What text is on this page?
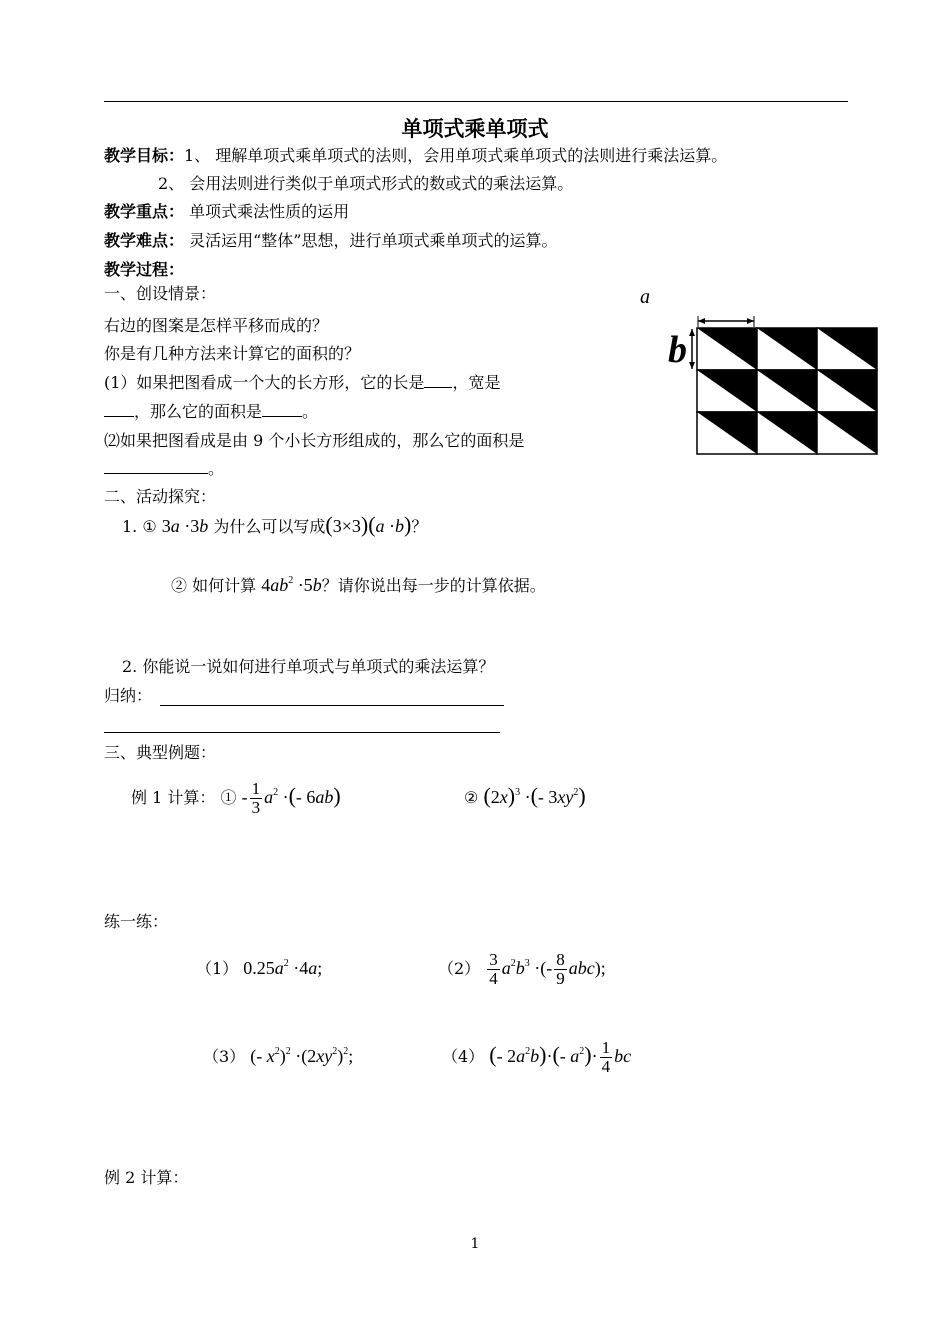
单项式乘单项式
教学目标：1、 理解单项式乘单项式的法则，会用单项式乘单项式的法则进行乘法运算。
2、 会用法则进行类似于单项式形式的数或式的乘法运算。
教学重点： 单项式乘法性质的运用
教学难点： 灵活运用“整体”思想，进行单项式乘单项式的运算。
教学过程：
一、创设情景：
右边的图案是怎样平移而成的？
你是有几种方法来计算它的面积的？
(1）如果把图看成一个大的长方形，它的长是 ，宽是
，那么它的面积是	。
⑵如果把图看成是由 9 个小长方形组成的，那么它的面积是
。
a
b
二、活动探究：
1. ① 3a ·3b 为什么可以写成(3×3)(a ·b)？
② 如何计算 $4ab^2 \cdot 5b$？请你说出每一步的计算依据。
2. 你能说一说如何进行单项式与单项式的乘法运算？
归纳：
三、典型例题：
例 1 计算： ① - $\frac{1}{3} a^2$ ·(- 6ab)	② $(2x)^3$ ·(- $3xy^2$)
练一练：
（1） $0.25a^2 \cdot 4a$;	$(2) \frac{3}{4} a^2b^3$ ·(- $\frac{8}{9} abc$);
（3） (- $x^2)^2 \cdot(2xy^2)^2$;	（4） (- $2a^2b)\cdot(-$ $a^2)\cdot \frac{1}{4}$ bc
例 2 计算：
1
